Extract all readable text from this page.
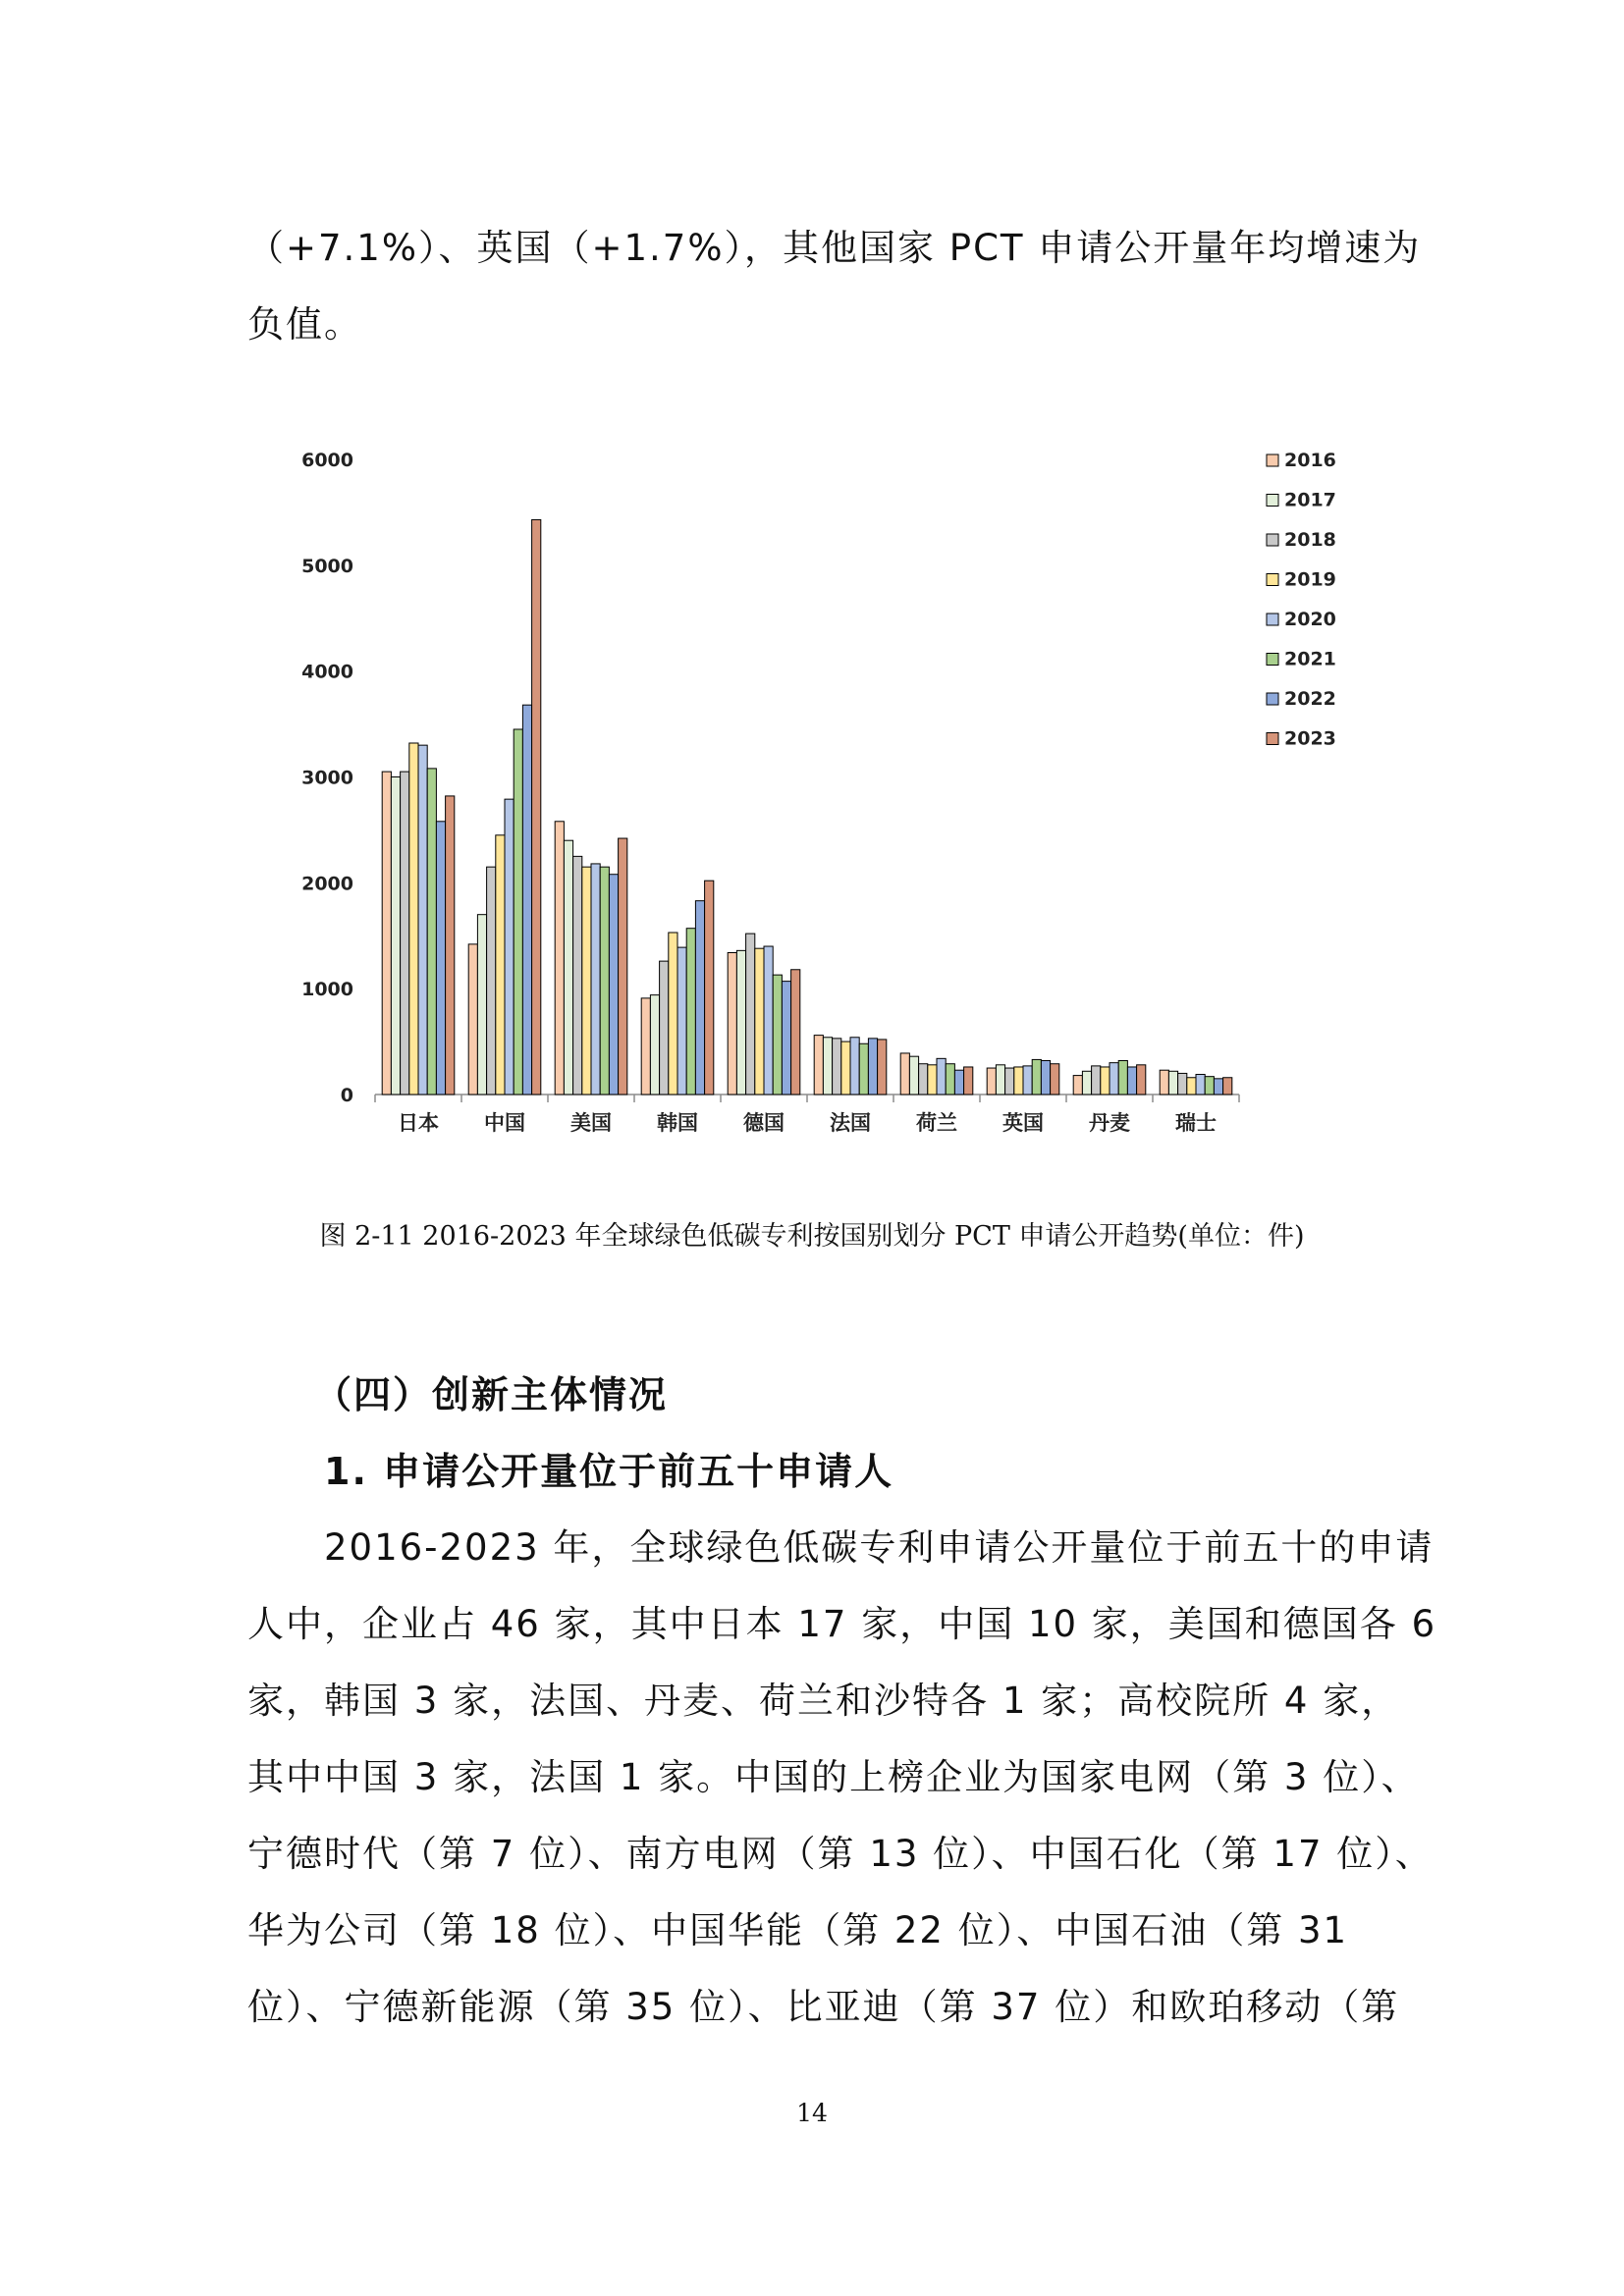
（+7.1%）、英国（+1.7%），其他国家 PCT 申请公开量年均增速为
负值。
0
1000
2000
3000
4000
5000
6000
日本 中国 美国 韩国 德国 法国 荷兰 英国 丹麦 瑞士
2016
2017
2018
2019
2020
2021
2022
2023
图 2-11 2016-2023 年全球绿色低碳专利按国别划分 PCT 申请公开趋势(单位：件)
（四）创新主体情况
1. 申请公开量位于前五十申请人
2016-2023 年，全球绿色低碳专利申请公开量位于前五十的申请
人中，企业占 46 家，其中日本 17 家，中国 10 家，美国和德国各 6
家，韩国 3 家，法国、丹麦、荷兰和沙特各 1 家；高校院所 4 家，
其中中国 3 家，法国 1 家。中国的上榜企业为国家电网（第 3 位）、
宁德时代（第 7 位）、南方电网（第 13 位）、中国石化（第 17 位）、
华为公司（第 18 位）、中国华能（第 22 位）、中国石油（第 31
位）、宁德新能源（第 35 位）、比亚迪（第 37 位）和欧珀移动（第
14
